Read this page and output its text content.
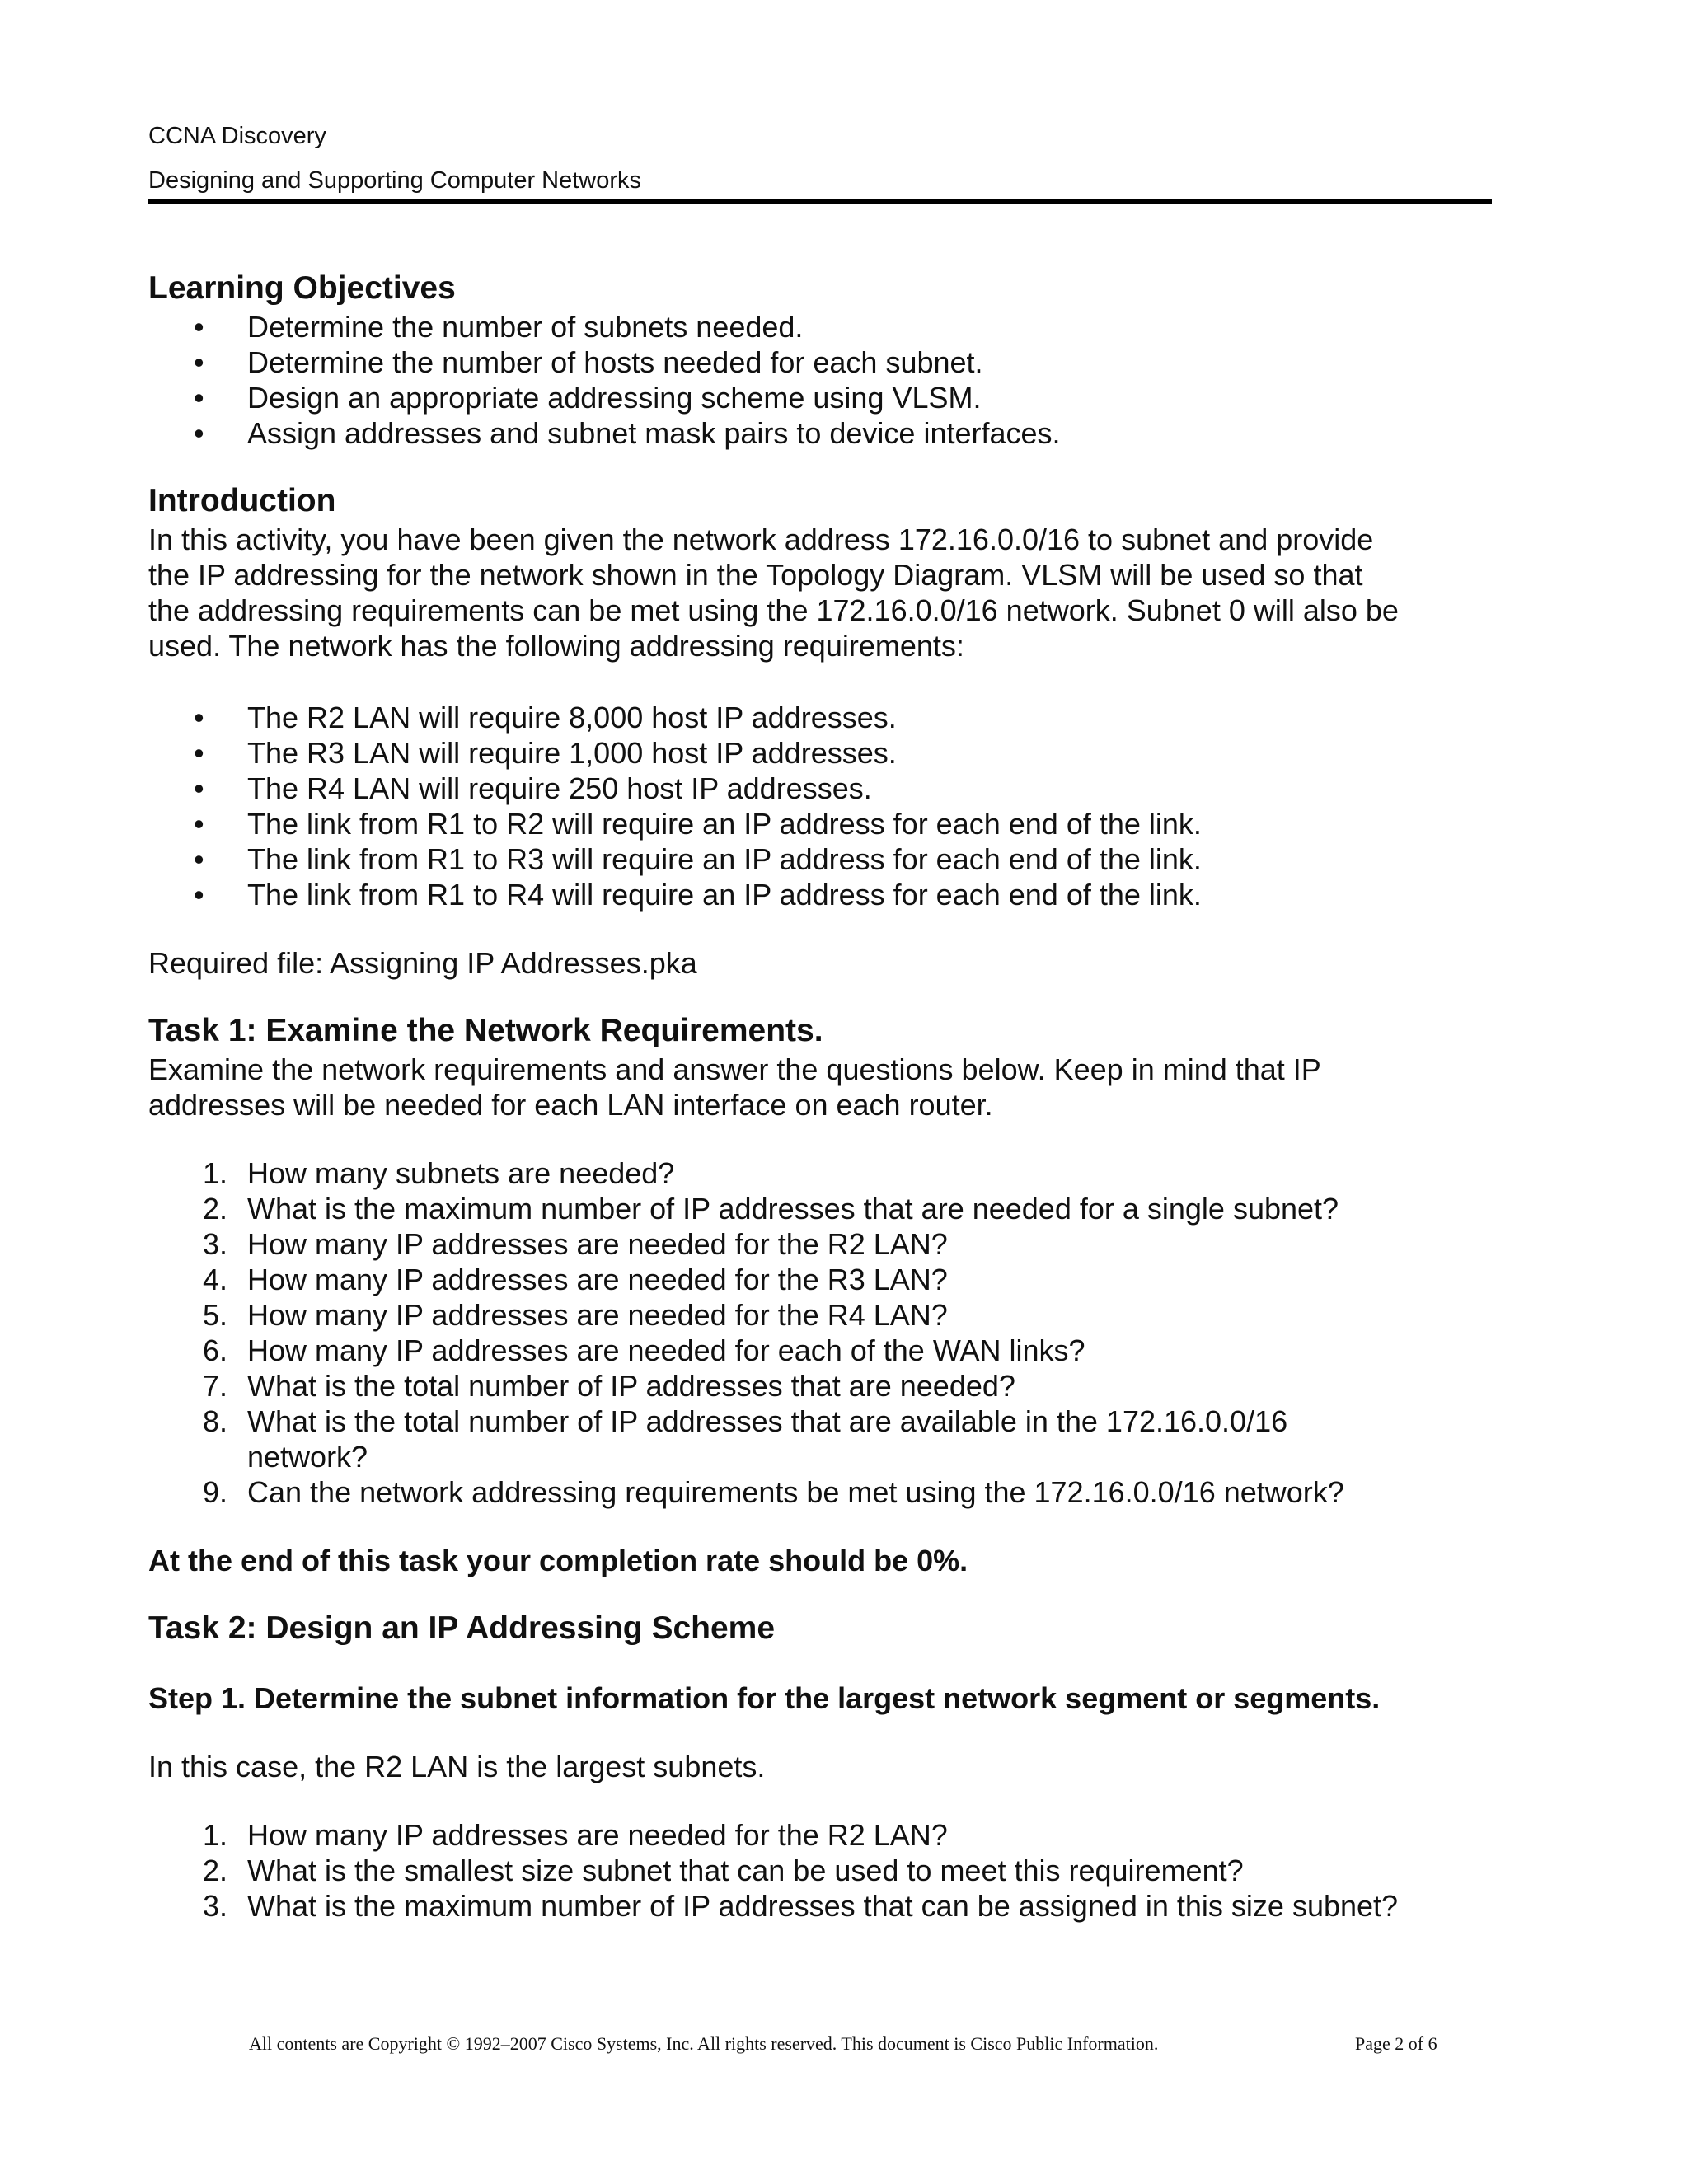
CCNA Discovery
Designing and Supporting Computer Networks
Learning Objectives
• Determine the number of subnets needed.
• Determine the number of hosts needed for each subnet.
• Design an appropriate addressing scheme using VLSM.
• Assign addresses and subnet mask pairs to device interfaces.
Introduction

In this activity, you have been given the network address 172.16.0.0/16 to subnet and provide

the IP addressing for the network shown in the Topology Diagram. VLSM will be used so that

the addressing requirements can be met using the 172.16.0.0/16 network. Subnet 0 will also be

used. The network has the following addressing requirements:

• The R2 LAN will require 8,000 host IP addresses.
• The R3 LAN will require 1,000 host IP addresses.
• The R4 LAN will require 250 host IP addresses.
• The link from R1 to R2 will require an IP address for each end of the link.
• The link from R1 to R3 will require an IP address for each end of the link.
• The link from R1 to R4 will require an IP address for each end of the link.

Required file: Assigning IP Addresses.pka

Task 1: Examine the Network Requirements.

Examine the network requirements and answer the questions below. Keep in mind that IP

addresses will be needed for each LAN interface on each router.

1. How many subnets are needed?
2. What is the maximum number of IP addresses that are needed for a single subnet?
3. How many IP addresses are needed for the R2 LAN?
4. How many IP addresses are needed for the R3 LAN?
5. How many IP addresses are needed for the R4 LAN?
6. How many IP addresses are needed for each of the WAN links?
7. What is the total number of IP addresses that are needed?
8. What is the total number of IP addresses that are available in the 172.16.0.0/16
network?
9. Can the network addressing requirements be met using the 172.16.0.0/16 network?

At the end of this task your completion rate should be 0%.

Task 2: Design an IP Addressing Scheme

Step 1. Determine the subnet information for the largest network segment or segments.

In this case, the R2 LAN is the largest subnets.

1. How many IP addresses are needed for the R2 LAN?
2. What is the smallest size subnet that can be used to meet this requirement?
3. What is the maximum number of IP addresses that can be assigned in this size subnet?
All contents are Copyright © 1992–2007 Cisco Systems, Inc. All rights reserved. This document is Cisco Public Information.	Page 2 of 6
